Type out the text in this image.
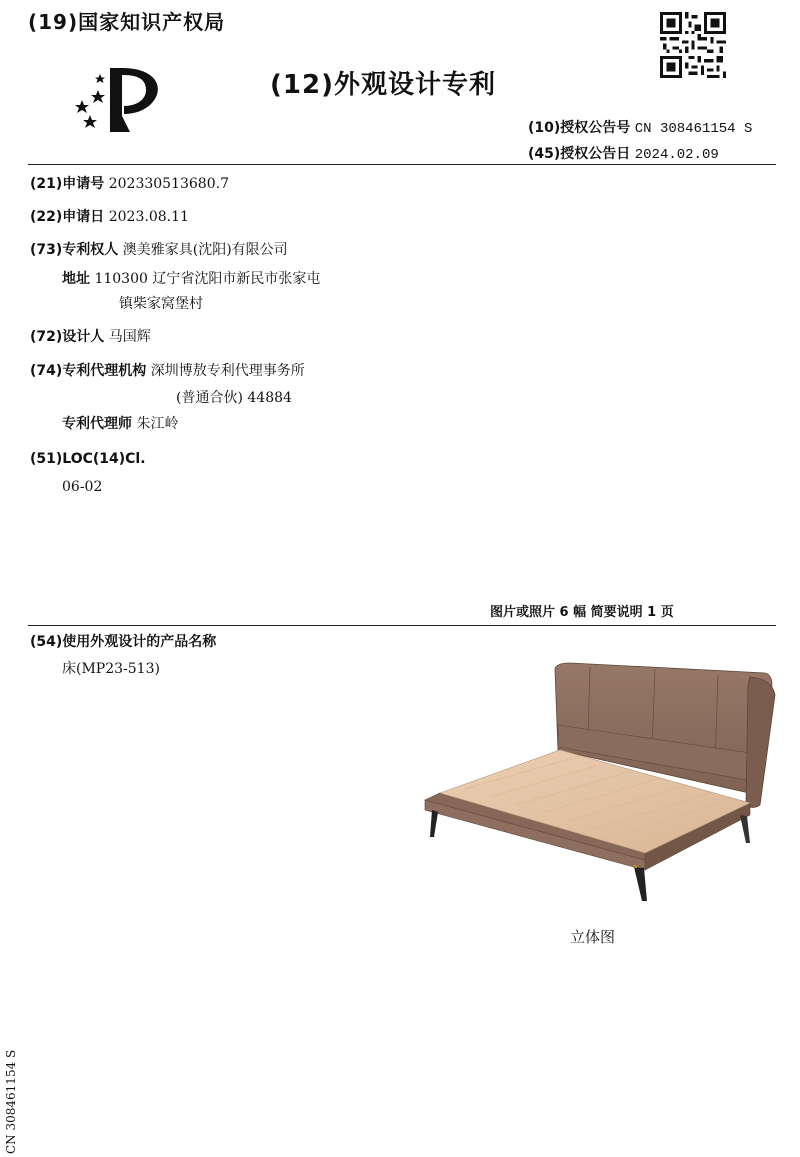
(19)国家知识产权局
(12)外观设计专利
(10)授权公告号 CN 308461154 S
(45)授权公告日 2024.02.09
(21)申请号 202330513680.7
(22)申请日 2023.08.11
(73)专利权人 澳美雅家具(沈阳)有限公司
地址 110300 辽宁省沈阳市新民市张家屯
镇柴家窝堡村
(72)设计人 马国辉
(74)专利代理机构 深圳博敖专利代理事务所
(普通合伙) 44884
专利代理师 朱江岭
(51)LOC(14)Cl.
06-02
图片或照片 6 幅 简要说明 1 页
(54)使用外观设计的产品名称
床(MP23-513)
立体图
CN 308461154 S
